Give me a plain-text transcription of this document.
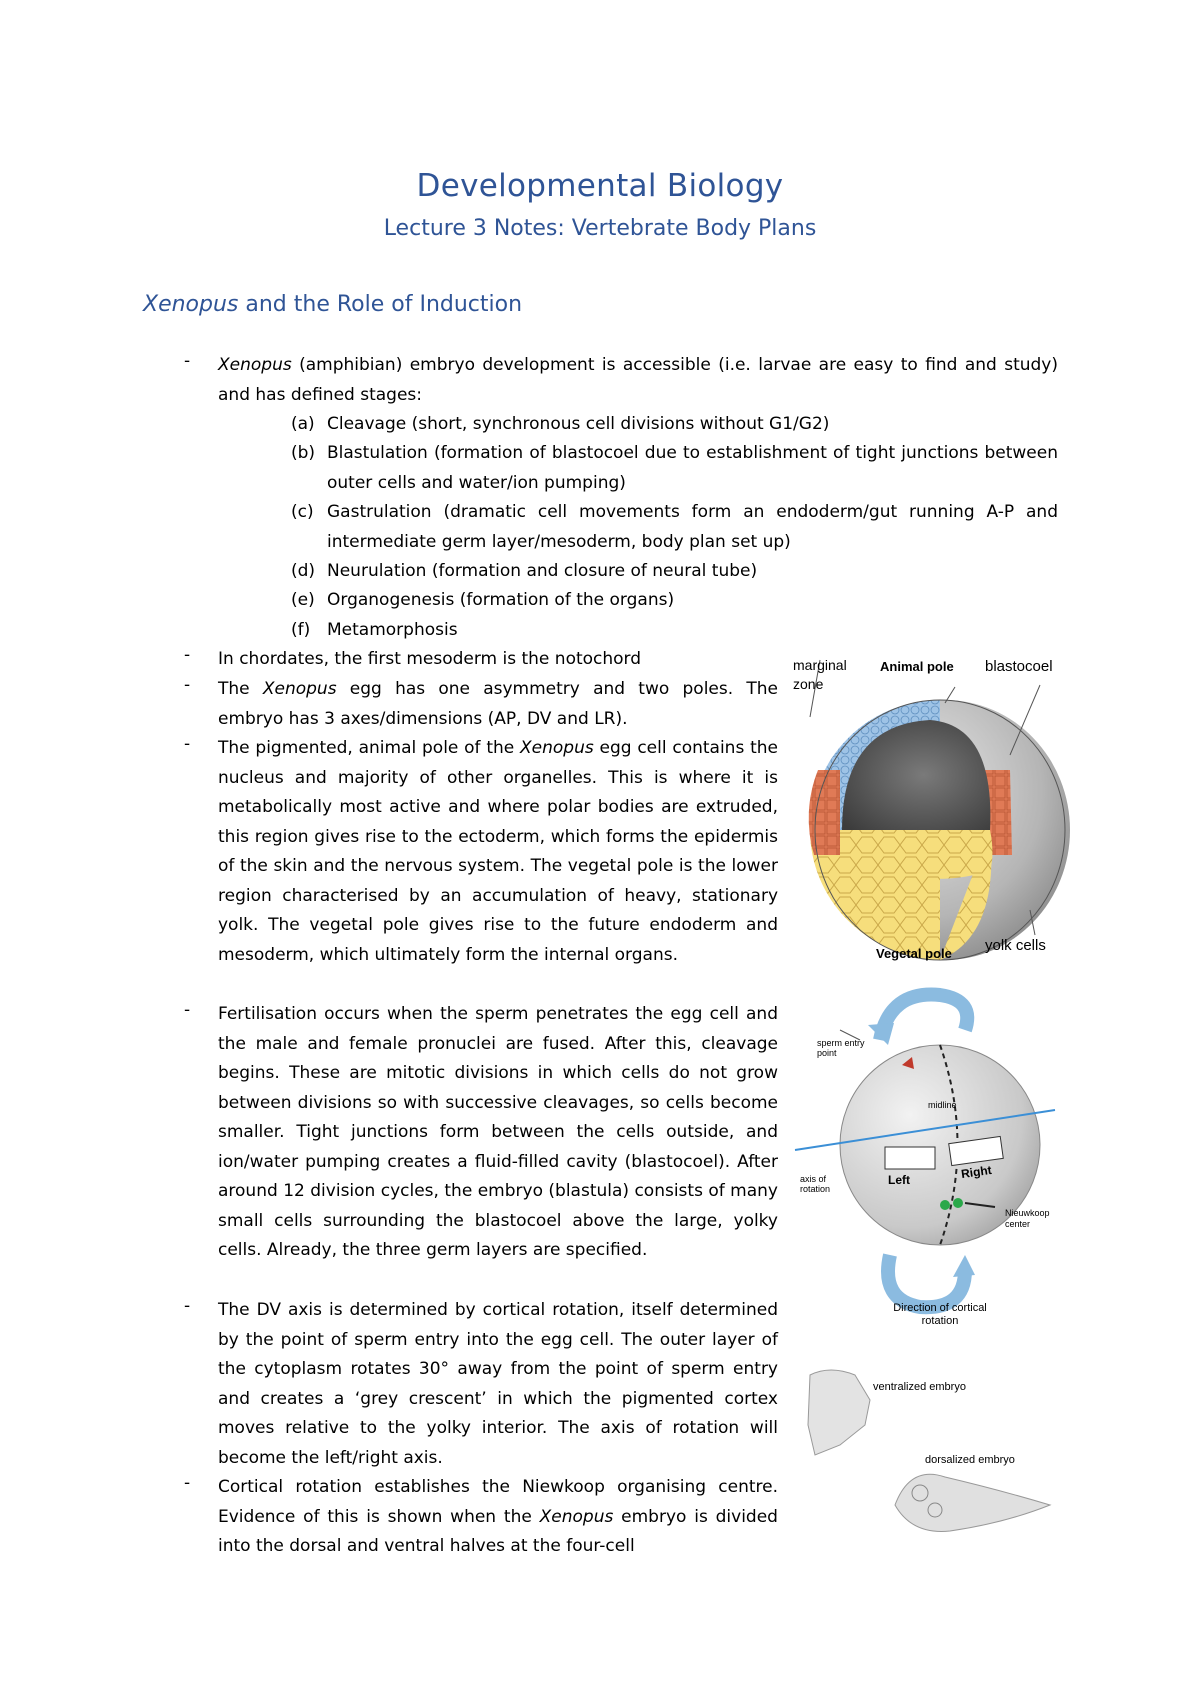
Developmental Biology
Lecture 3 Notes: Vertebrate Body Plans
Xenopus and the Role of Induction
- Xenopus (amphibian) embryo development is accessible (i.e. larvae are easy to find and study) and has defined stages:
(a) Cleavage (short, synchronous cell divisions without G1/G2)
(b) Blastulation (formation of blastocoel due to establishment of tight junctions between outer cells and water/ion pumping)
(c) Gastrulation (dramatic cell movements form an endoderm/gut running A-P and intermediate germ layer/mesoderm, body plan set up)
(d) Neurulation (formation and closure of neural tube)
(e) Organogenesis (formation of the organs)
(f) Metamorphosis
- In chordates, the first mesoderm is the notochord
- The Xenopus egg has one asymmetry and two poles. The embryo has 3 axes/dimensions (AP, DV and LR).
- The pigmented, animal pole of the Xenopus egg cell contains the nucleus and majority of other organelles. This is where it is metabolically most active and where polar bodies are extruded, this region gives rise to the ectoderm, which forms the epidermis of the skin and the nervous system. The vegetal pole is the lower region characterised by an accumulation of heavy, stationary yolk. The vegetal pole gives rise to the future endoderm and mesoderm, which ultimately form the internal organs.
- Fertilisation occurs when the sperm penetrates the egg cell and the male and female pronuclei are fused. After this, cleavage begins. These are mitotic divisions in which cells do not grow between divisions so with successive cleavages, so cells become smaller. Tight junctions form between the cells outside, and ion/water pumping creates a fluid-filled cavity (blastocoel). After around 12 division cycles, the embryo (blastula) consists of many small cells surrounding the blastocoel above the large, yolky cells. Already, the three germ layers are specified.
- The DV axis is determined by cortical rotation, itself determined by the point of sperm entry into the egg cell. The outer layer of the cytoplasm rotates 30° away from the point of sperm entry and creates a ‘grey crescent’ in which the pigmented cortex moves relative to the yolky interior. The axis of rotation will become the left/right axis.
- Cortical rotation establishes the Niewkoop organising centre. Evidence of this is shown when the Xenopus embryo is divided into the dorsal and ventral halves at the four-cell
marginal zone
Animal pole blastocoel
Vegetal pole yolk cells
sperm entry point
midline
Left	Right
axis of rotation
Nieuwkoop center
Direction of cortical rotation
ventralized embryo
dorsalized embryo
